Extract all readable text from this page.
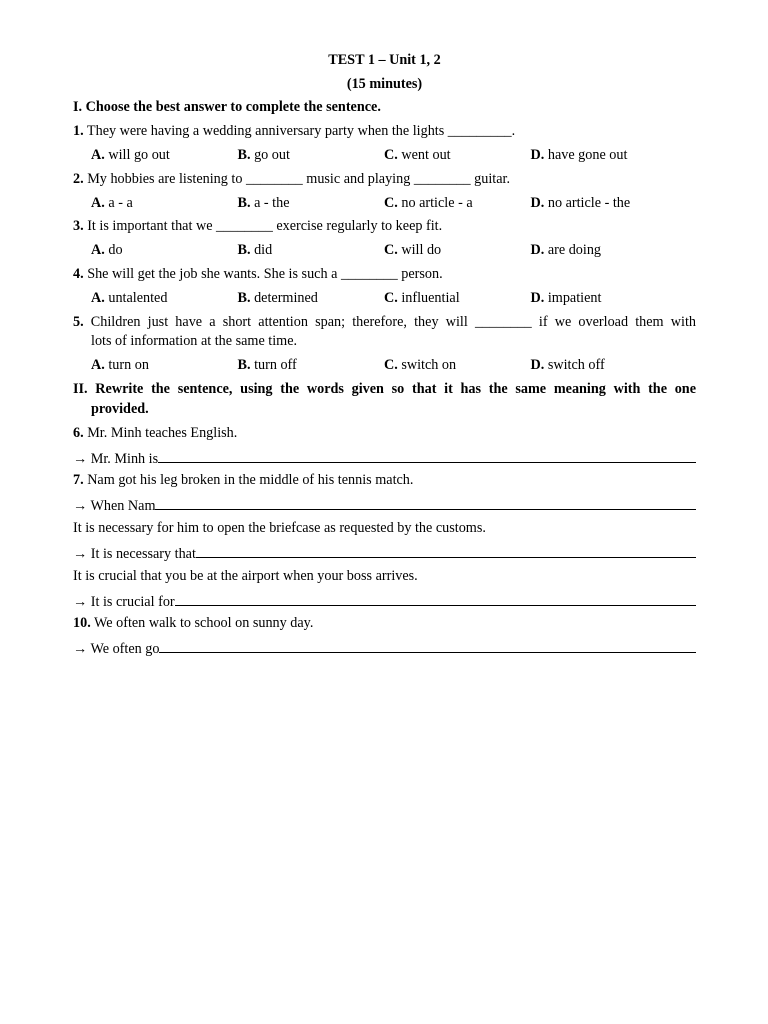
TEST 1 – Unit 1, 2
(15 minutes)
I. Choose the best answer to complete the sentence.
1. They were having a wedding anniversary party when the lights _________.
A. will go out	B. go out	C. went out	D. have gone out
2. My hobbies are listening to ________ music and playing ________ guitar.
A. a - a	B. a - the	C. no article - a	D. no article - the
3. It is important that we ________ exercise regularly to keep fit.
A. do	B. did	C. will do	D. are doing
4. She will get the job she wants. She is such a ________ person.
A. untalented	B. determined	C. influential	D. impatient
5. Children just have a short attention span; therefore, they will ________ if we overload them with
lots of information at the same time.
A. turn on	B. turn off	C. switch on	D. switch off
II. Rewrite the sentence, using the words given so that it has the same meaning with the one
provided.
6. Mr. Minh teaches English.
→ Mr. Minh is
7. Nam got his leg broken in the middle of his tennis match.
→ When Nam
It is necessary for him to open the briefcase as requested by the customs.
→ It is necessary that
It is crucial that you be at the airport when your boss arrives.
→ It is crucial for
10. We often walk to school on sunny day.
→ We often go
